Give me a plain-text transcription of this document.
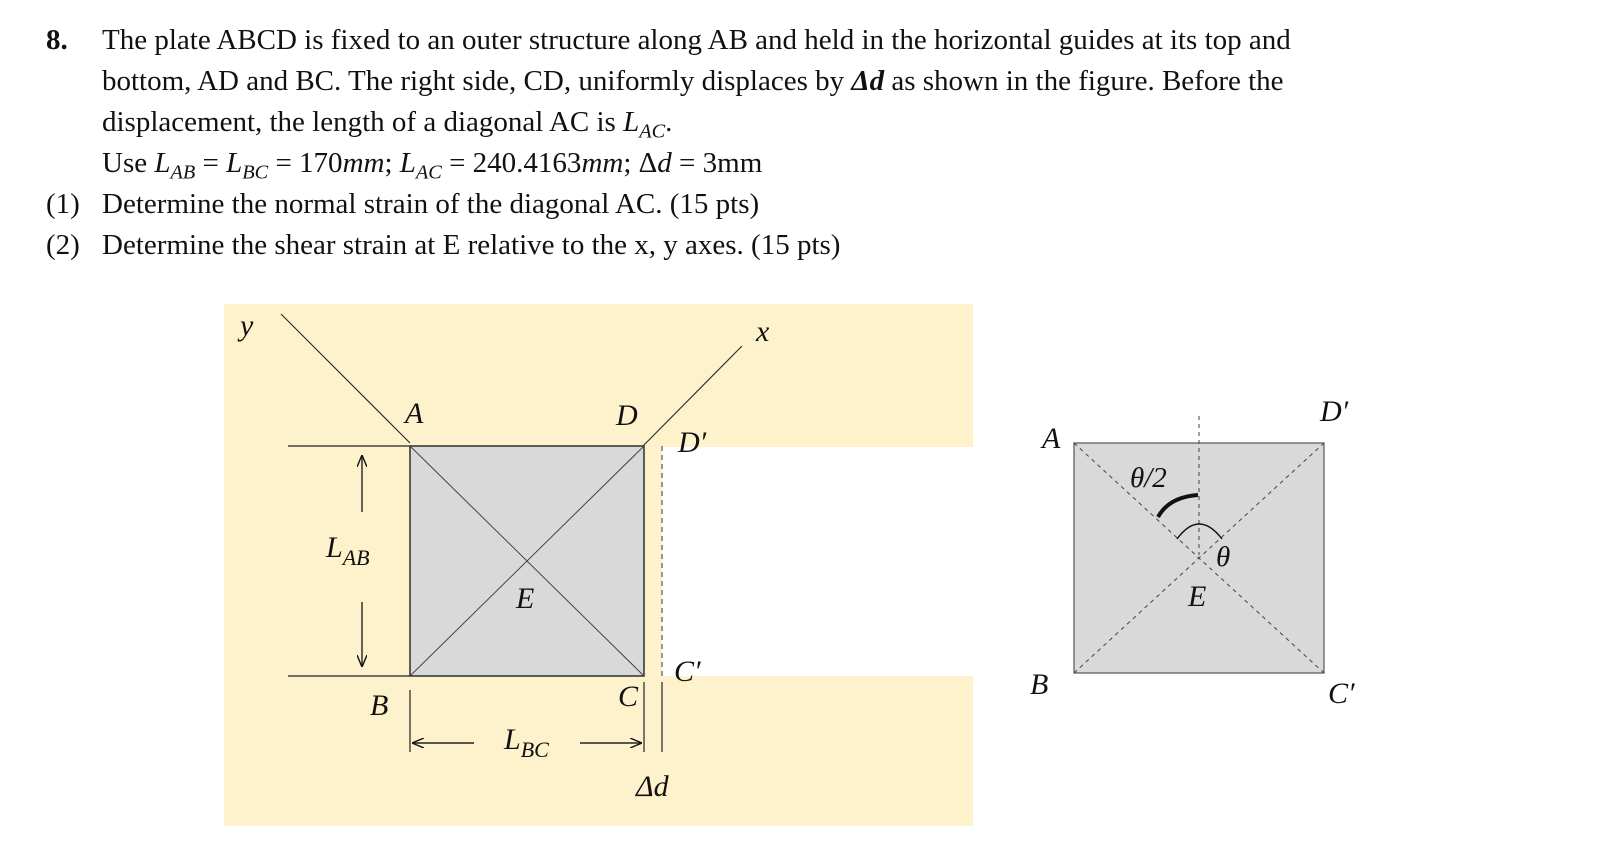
8. The plate ABCD is fixed to an outer structure along AB and held in the horizontal guides at its top and
bottom, AD and BC. The right side, CD, uniformly displaces by Δd as shown in the figure. Before the
displacement, the length of a diagonal AC is $L_{AC}$.
Use $L_{AB} = L_{BC} = 170mm$; $L_{AC} = 240.4163mm$; Δd = 3mm
(1) Determine the normal strain of the diagonal AC. (15 pts)
(2) Determine the shear strain at E relative to the x, y axes. (15 pts)
y	x
A	D
D′
E
B	C
C′
$L_{AB}$
$L_{BC}$
Δd
A
B
D′
C′
E
θ/2
θ
